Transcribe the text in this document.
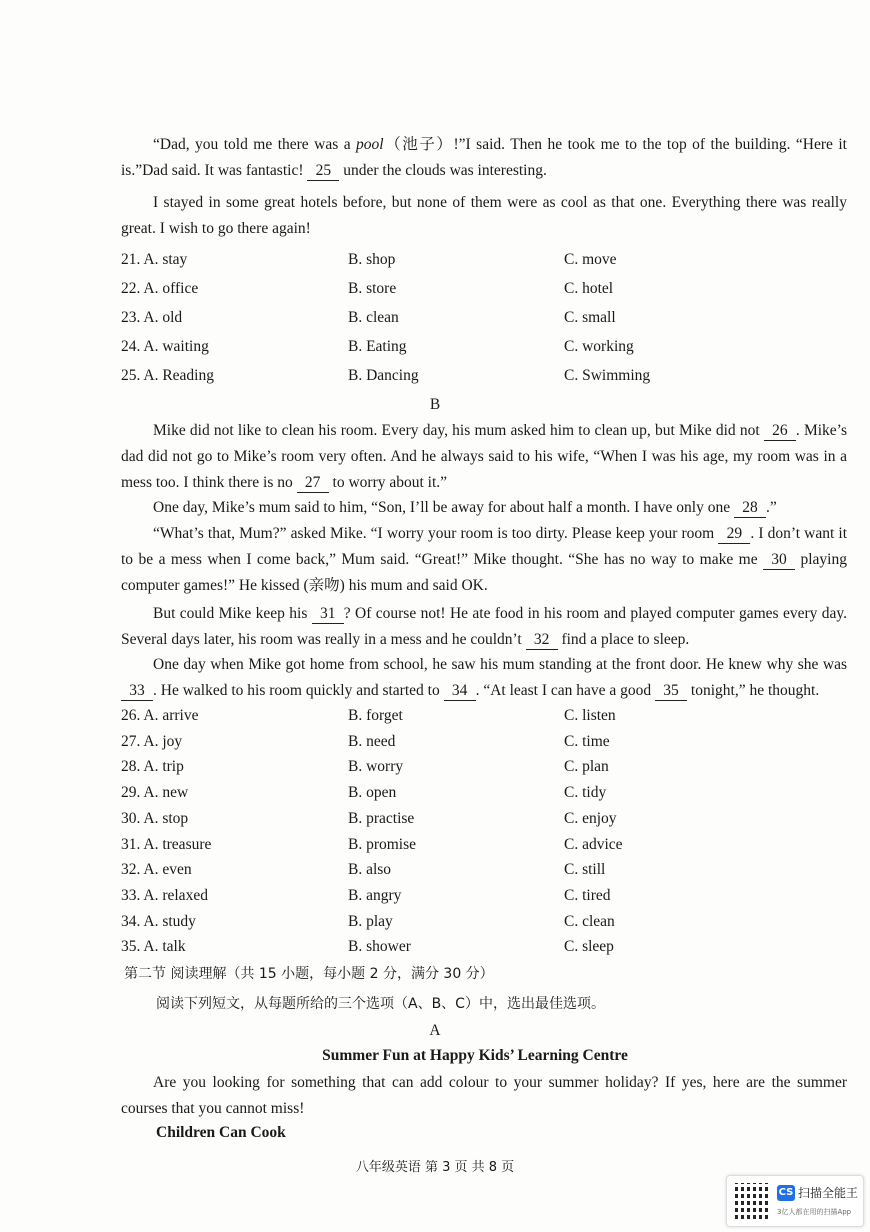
“Dad, you told me there was a pool（池子）!”I said. Then he took me to the top of the building. “Here it is.”Dad said. It was fantastic! 25 under the clouds was interesting.

I stayed in some great hotels before, but none of them were as cool as that one. Everything there was really great. I wish to go there again!

21. A. stay	B. shop	C. move
22. A. office	B. store	C. hotel
23. A. old	B. clean	C. small
24. A. waiting	B. Eating	C. working
25. A. Reading	B. Dancing	C. Swimming
B

Mike did not like to clean his room. Every day, his mum asked him to clean up, but Mike did not 26 . Mike’s dad did not go to Mike’s room very often. And he always said to his wife, “When I was his age, my room was in a mess too. I think there is no 27 to worry about it.”

One day, Mike’s mum said to him, “Son, I’ll be away for about half a month. I have only one 28 .”

“What’s that, Mum?” asked Mike. “I worry your room is too dirty. Please keep your room 29 . I don’t want it to be a mess when I come back,” Mum said. “Great!” Mike thought. “She has no way to make me 30 playing computer games!” He kissed (亲吻) his mum and said OK.

But could Mike keep his 31 ? Of course not! He ate food in his room and played computer games every day. Several days later, his room was really in a mess and he couldn’t 32 find a place to sleep.

One day when Mike got home from school, he saw his mum standing at the front door. He knew why she was 33 . He walked to his room quickly and started to 34 . “At least I can have a good 35 tonight,” he thought.

26. A. arrive	B. forget	C. listen
27. A. joy	B. need	C. time
28. A. trip	B. worry	C. plan
29. A. new	B. open	C. tidy
30. A. stop	B. practise	C. enjoy
31. A. treasure	B. promise	C. advice
32. A. even	B. also	C. still
33. A. relaxed	B. angry	C. tired
34. A. study	B. play	C. clean
35. A. talk	B. shower	C. sleep
第二节 阅读理解（共 15 小题，每小题 2 分，满分 30 分）
阅读下列短文，从每题所给的三个选项（A、B、C）中，选出最佳选项。
A
Summer Fun at Happy Kids’ Learning Centre

Are you looking for something that can add colour to your summer holiday? If yes, here are the summer courses that you cannot miss!

Children Can Cook
八年级英语 第 3 页 共 8 页
CS 扫描全能王
3亿人都在用的扫描App
